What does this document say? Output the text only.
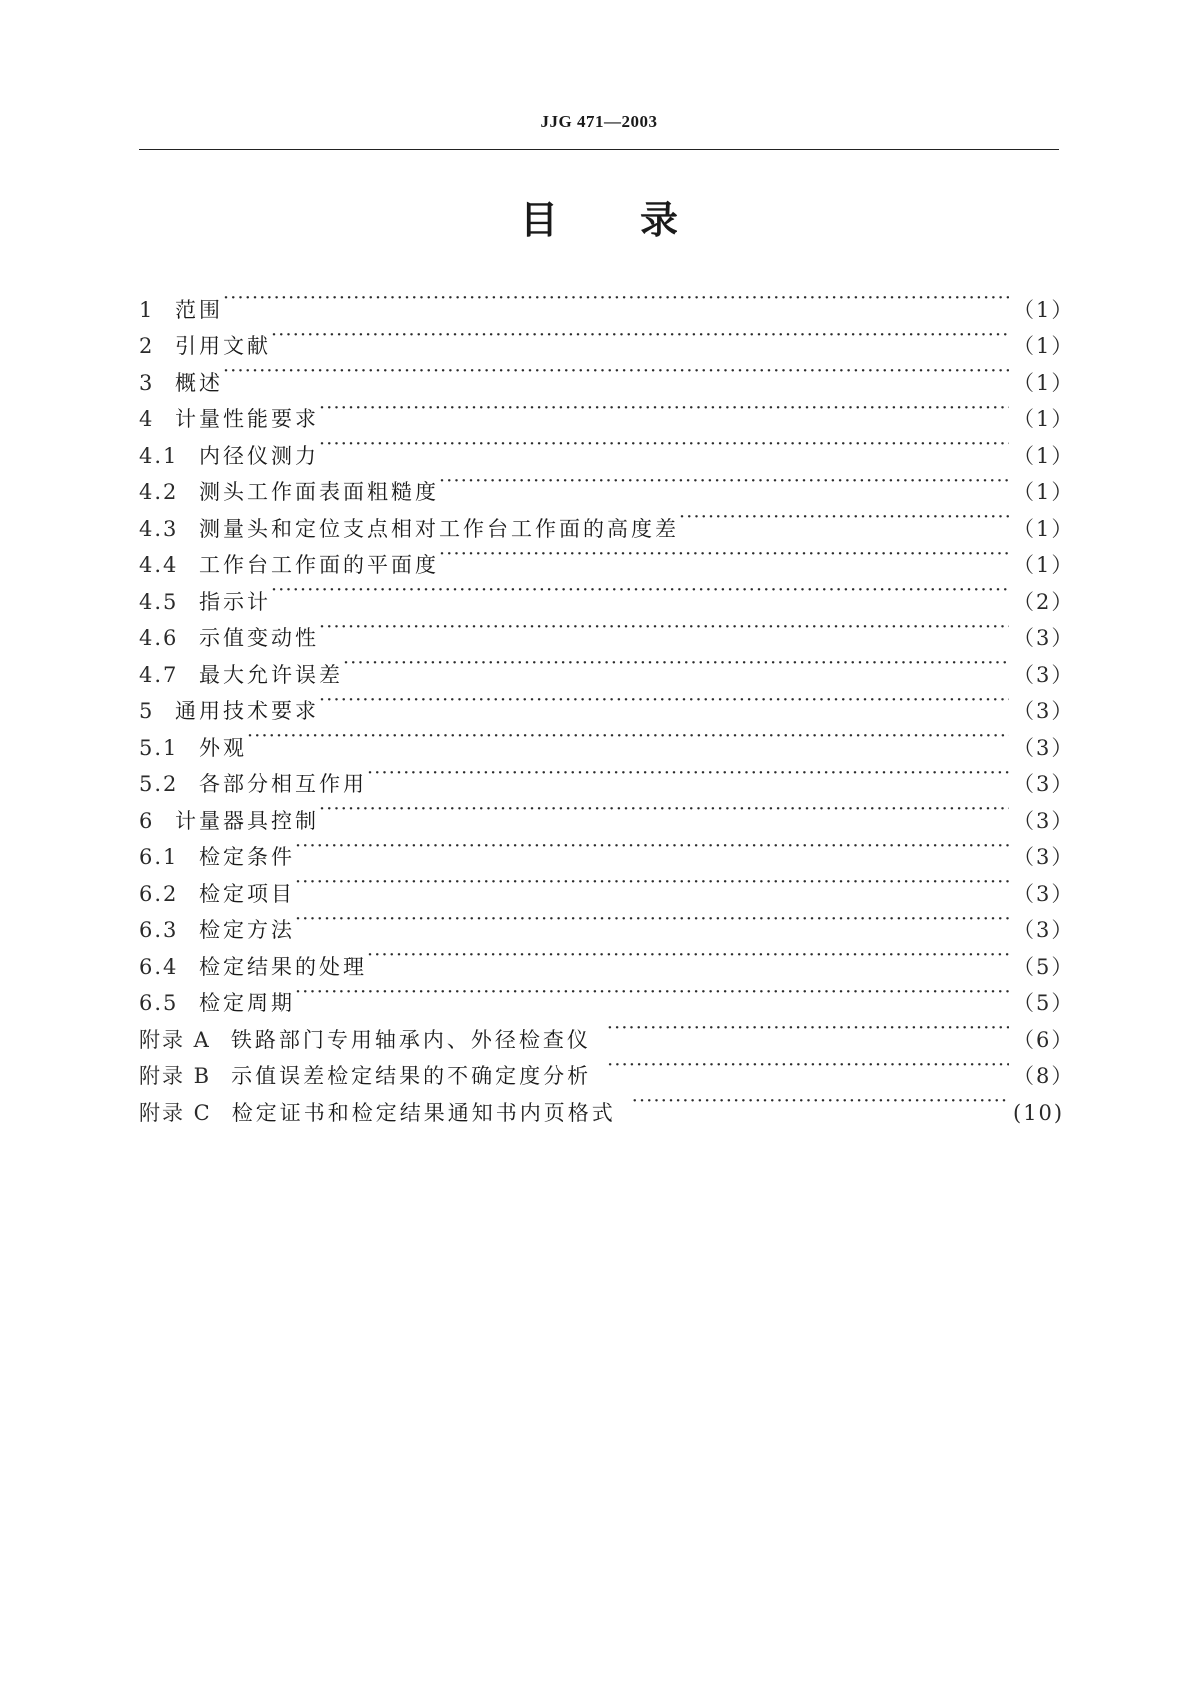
JJG 471—2003
目 录
1 范围 ·····	（1）
2 引用文献 ·····	（1）
3 概述 ·····	（1）
4 计量性能要求 ·····	（1）
4.1 内径仪测力 ·····	（1）
4.2 测头工作面表面粗糙度 ·····	（1）
4.3 测量头和定位支点相对工作台工作面的高度差 ·····	（1）
4.4 工作台工作面的平面度 ·····	（1）
4.5 指示计 ·····	（2）
4.6 示值变动性 ·····	（3）
4.7 最大允许误差 ·····	（3）
5 通用技术要求 ·····	（3）
5.1 外观 ·····	（3）
5.2 各部分相互作用 ·····	（3）
6 计量器具控制 ·····	（3）
6.1 检定条件 ·····	（3）
6.2 检定项目 ·····	（3）
6.3 检定方法 ·····	（3）
6.4 检定结果的处理 ·····	（5）
6.5 检定周期 ·····	（5）
附录 A 铁路部门专用轴承内、外径检查仪 ·····	（6）
附录 B 示值误差检定结果的不确定度分析 ·····	（8）
附录 C 检定证书和检定结果通知书内页格式 ·····	(10)
